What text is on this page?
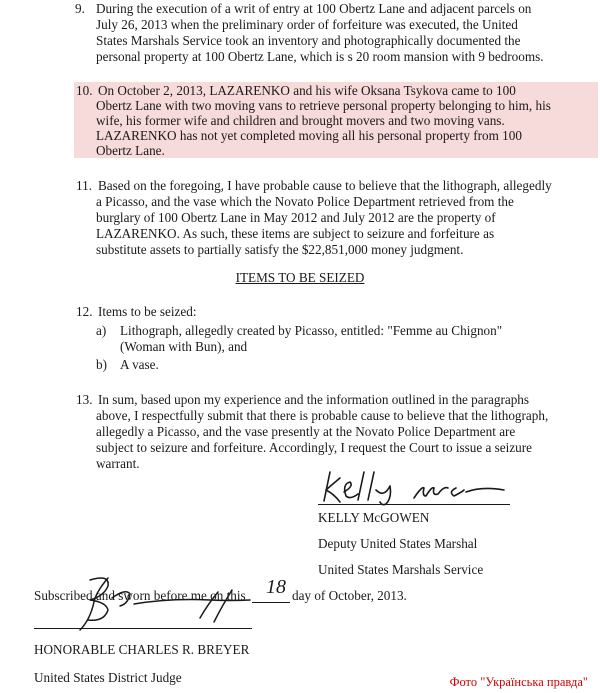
9. During the execution of a writ of entry at 100 Obertz Lane and adjacent parcels on
July 26, 2013 when the preliminary order of forfeiture was executed, the United
States Marshals Service took an inventory and photographically documented the
personal property at 100 Obertz Lane, which is s 20 room mansion with 9 bedrooms.
10. On October 2, 2013, LAZARENKO and his wife Oksana Tsykova came to 100
Obertz Lane with two moving vans to retrieve personal property belonging to him, his
wife, his former wife and children and brought movers and two moving vans.
LAZARENKO has not yet completed moving all his personal property from 100
Obertz Lane.
11. Based on the foregoing, I have probable cause to believe that the lithograph, allegedly
a Picasso, and the vase which the Novato Police Department retrieved from the
burglary of 100 Obertz Lane in May 2012 and July 2012 are the property of
LAZARENKO. As such, these items are subject to seizure and forfeiture as
substitute assets to partially satisfy the $22,851,000 money judgment.
ITEMS TO BE SEIZED
12. Items to be seized:
a) Lithograph, allegedly created by Picasso, entitled: "Femme au Chignon"
(Woman with Bun), and
b) A vase.
13. In sum, based upon my experience and the information outlined in the paragraphs
above, I respectfully submit that there is probable cause to believe that the lithograph,
allegedly a Picasso, and the vase presently at the Novato Police Department are
subject to seizure and forfeiture. Accordingly, I request the Court to issue a seizure
warrant.
KELLY McGOWEN
Deputy United States Marshal
United States Marshals Service
Subscribed and sworn before me on this 18 day of October, 2013.
HONORABLE CHARLES R. BREYER
United States District Judge	Фото "Українська правда"
